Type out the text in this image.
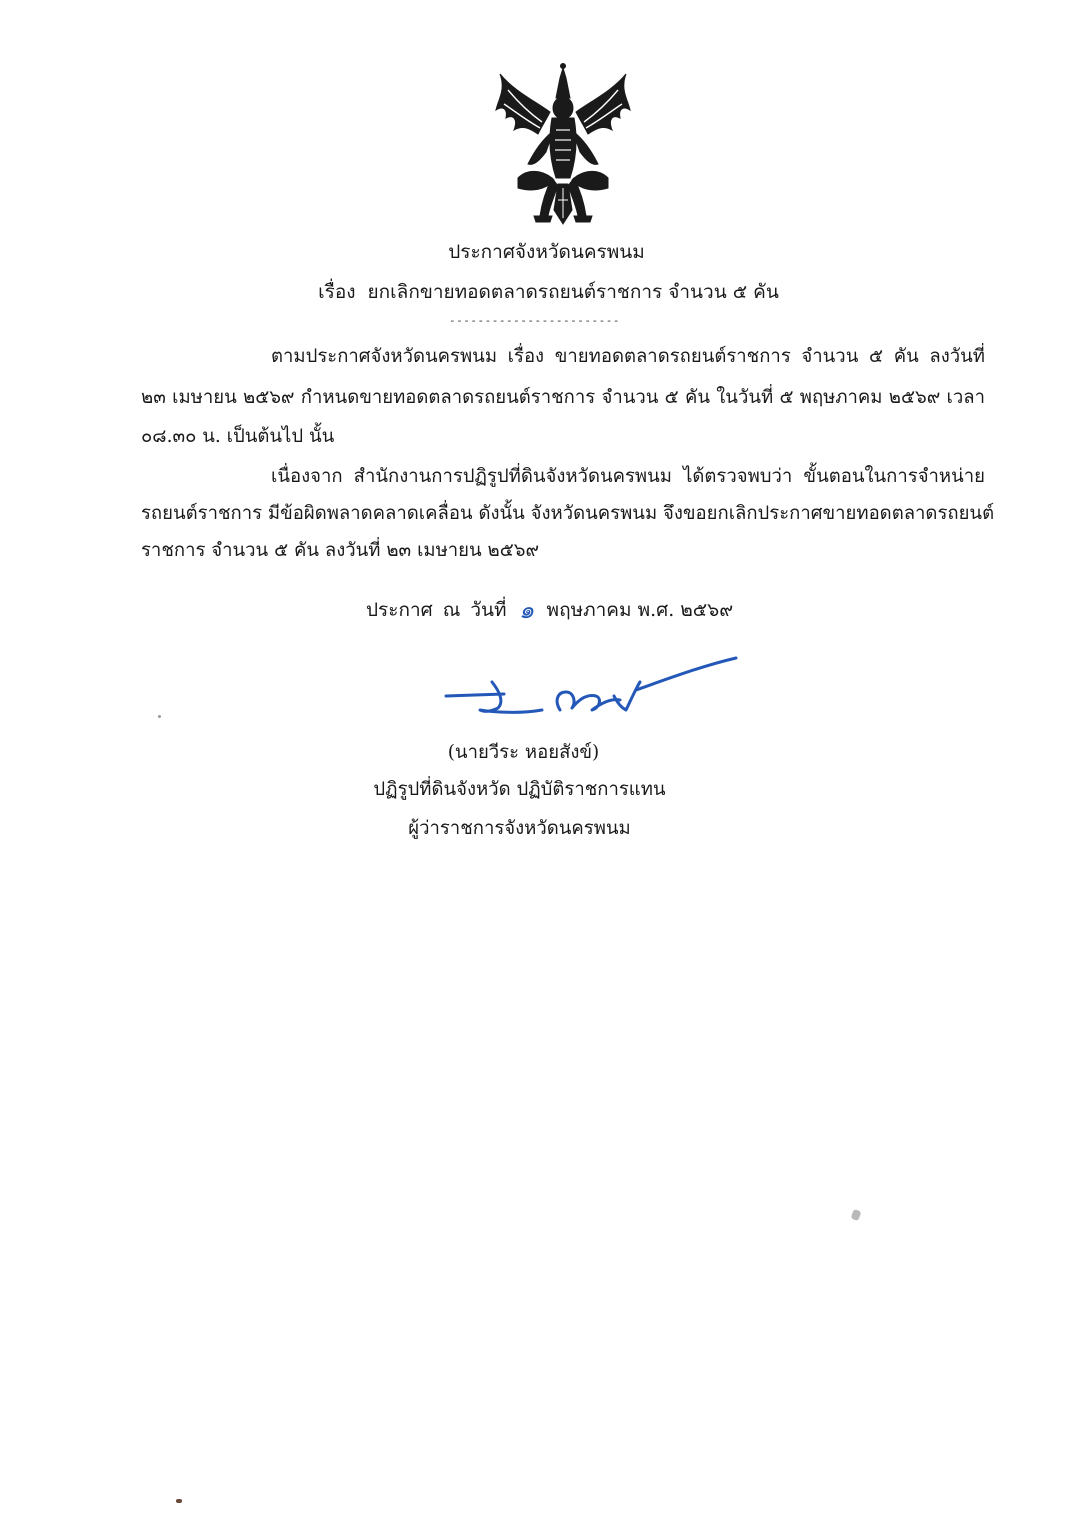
ประกาศจังหวัดนครพนม
เรื่อง ยกเลิกขายทอดตลาดรถยนต์ราชการ จำนวน ๕ คัน
------------------------
ตามประกาศจังหวัดนครพนม เรื่อง ขายทอดตลาดรถยนต์ราชการ จำนวน ๕ คัน ลงวันที่
๒๓ เมษายน ๒๕๖๙ กำหนดขายทอดตลาดรถยนต์ราชการ จำนวน ๕ คัน ในวันที่ ๕ พฤษภาคม ๒๕๖๙ เวลา
๐๘.๓๐ น. เป็นต้นไป นั้น
เนื่องจาก สำนักงานการปฏิรูปที่ดินจังหวัดนครพนม ได้ตรวจพบว่า ขั้นตอนในการจำหน่าย
รถยนต์ราชการ มีข้อผิดพลาดคลาดเคลื่อน ดังนั้น จังหวัดนครพนม จึงขอยกเลิกประกาศขายทอดตลาดรถยนต์
ราชการ จำนวน ๕ คัน ลงวันที่ ๒๓ เมษายน ๒๕๖๙
ประกาศ ณ วันที่ ๑ พฤษภาคม พ.ศ. ๒๕๖๙
(นายวีระ หอยสังข์)
ปฏิรูปที่ดินจังหวัด ปฏิบัติราชการแทน
ผู้ว่าราชการจังหวัดนครพนม
